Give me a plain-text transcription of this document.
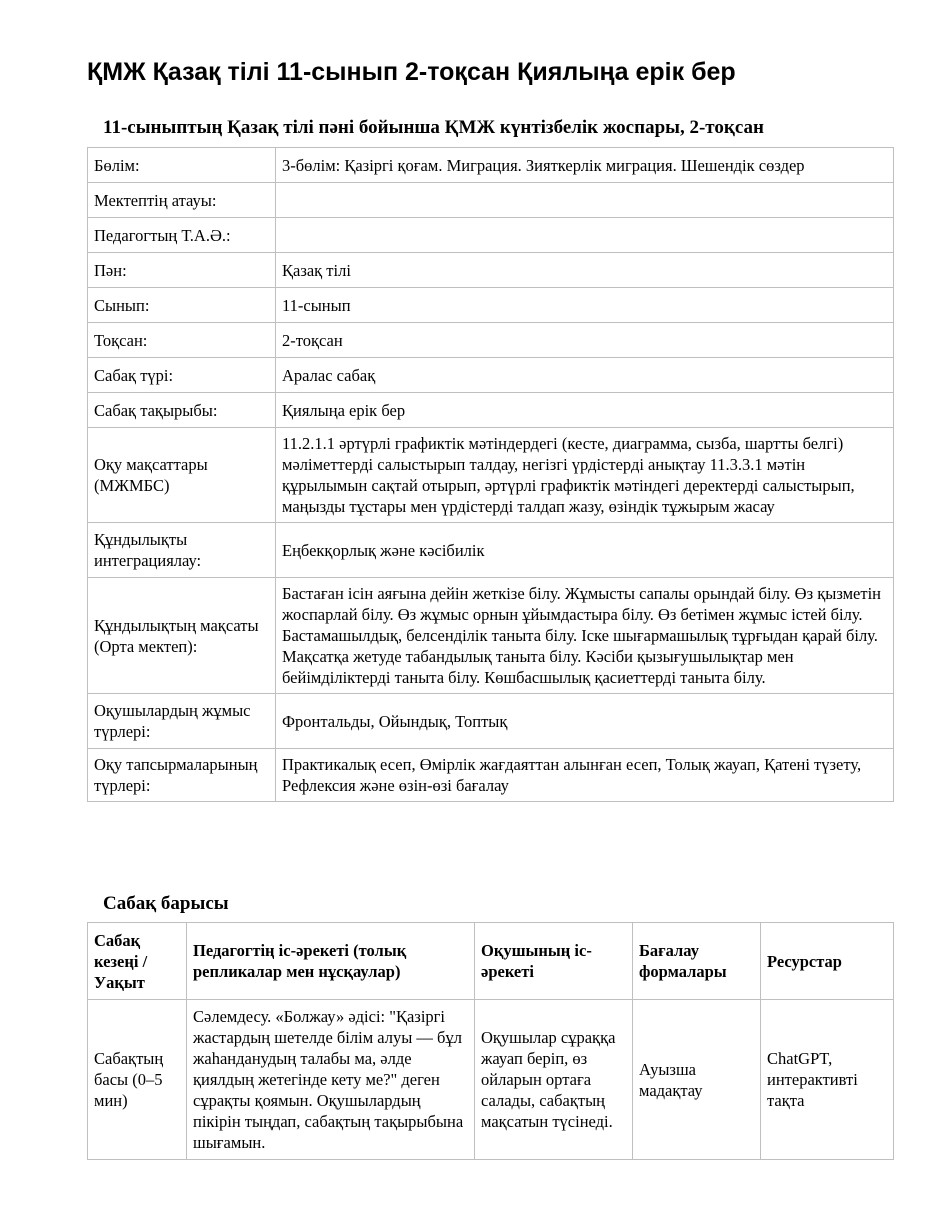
ҚМЖ Қазақ тілі 11-сынып 2-тоқсан Қиялыңа ерік бер
11-сыныптың Қазақ тілі пәні бойынша ҚМЖ күнтізбелік жоспары, 2-тоқсан
Бөлім:	3-бөлім: Қазіргі қоғам. Миграция. Зияткерлік миграция. Шешендік сөздер
Мектептің атауы:	
Педагогтың Т.А.Ә.:	
Пән:	Қазақ тілі
Сынып:	11-сынып
Тоқсан:	2-тоқсан
Сабақ түрі:	Аралас сабақ
Сабақ тақырыбы:	Қиялыңа ерік бер
Оқу мақсаттары (МЖМБС)	11.2.1.1 әртүрлі графиктік мәтіндердегі (кесте, диаграмма, сызба, шартты белгі) мәліметтерді салыстырып талдау, негізгі үрдістерді анықтау 11.3.3.1 мәтін құрылымын сақтай отырып, әртүрлі графиктік мәтіндегі деректерді салыстырып, маңызды тұстары мен үрдістерді талдап жазу, өзіндік тұжырым жасау
Құндылықты интеграциялау:	Еңбекқорлық және кәсібилік
Құндылықтың мақсаты (Орта мектеп):	Бастаған ісін аяғына дейін жеткізе білу. Жұмысты сапалы орындай білу. Өз қызметін жоспарлай білу. Өз жұмыс орнын ұйымдастыра білу. Өз бетімен жұмыс істей білу. Бастамашылдық, белсенділік таныта білу. Іске шығармашылық тұрғыдан қарай білу. Мақсатқа жетуде табандылық таныта білу. Кәсіби қызығушылықтар мен бейімділіктерді таныта білу. Көшбасшылық қасиеттерді таныта білу.
Оқушылардың жұмыс түрлері:	Фронтальды, Ойындық, Топтық
Оқу тапсырмаларының түрлері:	Практикалық есеп, Өмірлік жағдаяттан алынған есеп, Толық жауап, Қатені түзету, Рефлексия және өзін-өзі бағалау
Сабақ барысы
Сабақ кезеңі / Уақыт	Педагогтің іс-әрекеті (толық репликалар мен нұсқаулар)	Оқушының іс-әрекеті	Бағалау формалары	Ресурстар
Сабақтың басы (0–5 мин)	Сәлемдесу. «Болжау» әдісі: "Қазіргі жастардың шетелде білім алуы — бұл жаһанданудың талабы ма, әлде қиялдың жетегінде кету ме?" деген сұрақты қоямын. Оқушылардың пікірін тыңдап, сабақтың тақырыбына шығамын.	Оқушылар сұраққа жауап беріп, өз ойларын ортаға салады, сабақтың мақсатын түсінеді.	Ауызша мадақтау	ChatGPT, интерактивті тақта
